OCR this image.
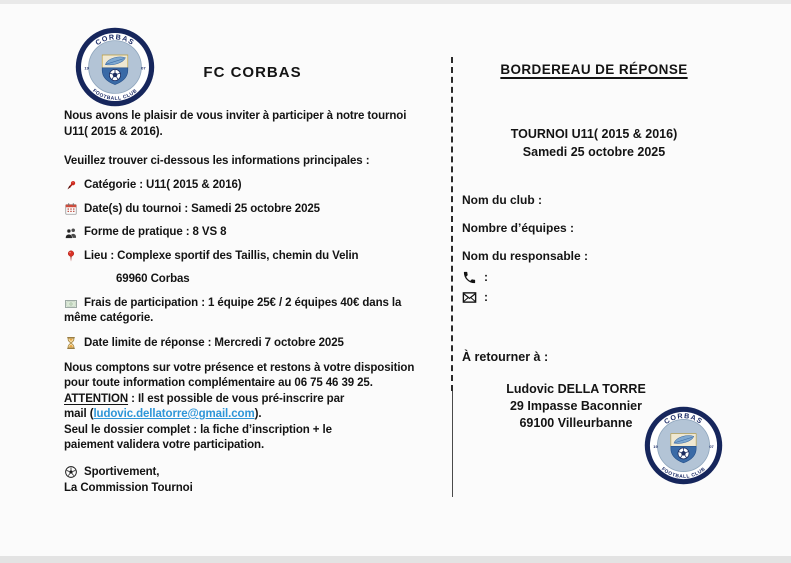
FC CORBAS

Nous avons le plaisir de vous inviter à participer à notre tournoi
U11( 2015 & 2016).

Veuillez trouver ci-dessous les informations principales :

Catégorie : U11( 2015 & 2016)
Date(s) du tournoi : Samedi 25 octobre 2025
Forme de pratique : 8 VS 8
Lieu : Complexe sportif des Taillis, chemin du Velin

69960 Corbas

Frais de participation : 1 équipe 25€ / 2 équipes 40€ dans la

même catégorie.

Date limite de réponse : Mercredi 7 octobre 2025

Nous comptons sur votre présence et restons à votre disposition

pour toute information complémentaire au 06 75 46 39 25.

ATTENTION : Il est possible de vous pré-inscrire par

mail (ludovic.dellatorre@gmail.com).

Seul le dossier complet : la fiche d’inscription + le

paiement validera votre participation.

Sportivement,

La Commission Tournoi

BORDEREAU DE RÉPONSE

TOURNOI U11( 2015 & 2016)

Samedi 25 octobre 2025

Nom du club :

Nombre d’équipes :

Nom du responsable :

:
:

À retourner à :

Ludovic DELLA TORRE
29 Impasse Baconnier
69100 Villeurbanne
